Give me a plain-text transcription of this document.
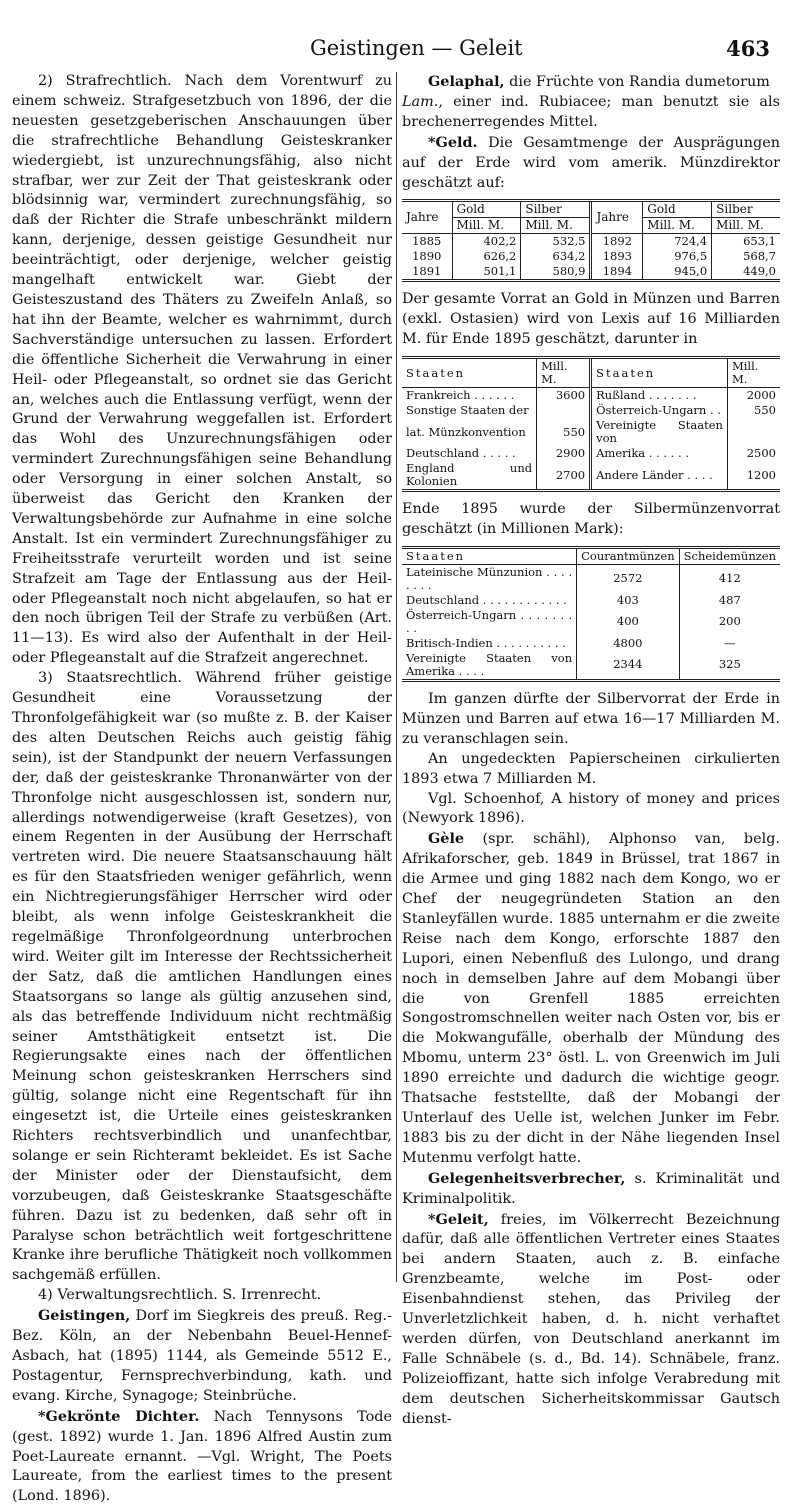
Geistingen — Geleit	463

2) Strafrechtlich. Nach dem Vorentwurf zu einem schweiz. Strafgesetzbuch von 1896, der die neuesten gesetzgeberischen Anschauungen über die strafrechtliche Behandlung Geisteskranker wiedergiebt, ist unzurechnungsfähig, also nicht strafbar, wer zur Zeit der That geisteskrank oder blödsinnig war, vermindert zurechnungsfähig, so daß der Richter die Strafe unbeschränkt mildern kann, derjenige, dessen geistige Gesundheit nur beeinträchtigt, oder derjenige, welcher geistig mangelhaft entwickelt war. Giebt der Geisteszustand des Thäters zu Zweifeln Anlaß, so hat ihn der Beamte, welcher es wahrnimmt, durch Sachverständige untersuchen zu lassen. Erfordert die öffentliche Sicherheit die Verwahrung in einer Heil- oder Pflegeanstalt, so ordnet sie das Gericht an, welches auch die Entlassung verfügt, wenn der Grund der Verwahrung weggefallen ist. Erfordert das Wohl des Unzurechnungsfähigen oder vermindert Zurechnungsfähigen seine Behandlung oder Versorgung in einer solchen Anstalt, so überweist das Gericht den Kranken der Verwaltungsbehörde zur Aufnahme in eine solche Anstalt. Ist ein vermindert Zurechnungsfähiger zu Freiheitsstrafe verurteilt worden und ist seine Strafzeit am Tage der Entlassung aus der Heil- oder Pflegeanstalt noch nicht abgelaufen, so hat er den noch übrigen Teil der Strafe zu verbüßen (Art. 11—13). Es wird also der Aufenthalt in der Heil- oder Pflegeanstalt auf die Strafzeit angerechnet.

3) Staatsrechtlich. Während früher geistige Gesundheit eine Voraussetzung der Thronfolgefähigkeit war (so mußte z. B. der Kaiser des alten Deutschen Reichs auch geistig fähig sein), ist der Standpunkt der neuern Verfassungen der, daß der geisteskranke Thronanwärter von der Thronfolge nicht ausgeschlossen ist, sondern nur, allerdings notwendigerweise (kraft Gesetzes), von einem Regenten in der Ausübung der Herrschaft vertreten wird. Die neuere Staatsanschauung hält es für den Staatsfrieden weniger gefährlich, wenn ein Nichtregierungsfähiger Herrscher wird oder bleibt, als wenn infolge Geisteskrankheit die regelmäßige Thronfolgeordnung unterbrochen wird. Weiter gilt im Interesse der Rechtssicherheit der Satz, daß die amtlichen Handlungen eines Staatsorgans so lange als gültig anzusehen sind, als das betreffende Individuum nicht rechtmäßig seiner Amtsthätigkeit entsetzt ist. Die Regierungsakte eines nach der öffentlichen Meinung schon geisteskranken Herrschers sind gültig, solange nicht eine Regentschaft für ihn eingesetzt ist, die Urteile eines geisteskranken Richters rechtsverbindlich und unanfechtbar, solange er sein Richteramt bekleidet. Es ist Sache der Minister oder der Dienstaufsicht, dem vorzubeugen, daß Geisteskranke Staatsgeschäfte führen. Dazu ist zu bedenken, daß sehr oft in Paralyse schon beträchtlich weit fortgeschrittene Kranke ihre berufliche Thätigkeit noch vollkommen sachgemäß erfüllen.

4) Verwaltungsrechtlich. S. Irrenrecht.

Geistingen, Dorf im Siegkreis des preuß. Reg.-Bez. Köln, an der Nebenbahn Beuel-Hennef-Asbach, hat (1895) 1144, als Gemeinde 5512 E., Postagentur, Fernsprechverbindung, kath. und evang. Kirche, Synagoge; Steinbrüche.

*Gekrönte Dichter. Nach Tennysons Tode (gest. 1892) wurde 1. Jan. 1896 Alfred Austin zum Poet-Laureate ernannt. —Vgl. Wright, The Poets Laureate, from the earliest times to the present (Lond. 1896).

Gelaphal, die Früchte von Randia dumetorum
Lam., einer ind. Rubiacee; man benutzt sie als brechenerregendes Mittel.

*Geld. Die Gesamtmenge der Ausprägungen auf der Erde wird vom amerik. Münzdirektor geschätzt auf:

Jahre	Gold	Silber	Jahre	Gold	Silber
	Mill. M.	Mill. M.		Mill. M.	Mill. M.
1885	402,2	532,5	1892	724,4	653,1
1890	626,2	634,2	1893	976,5	568,7
1891	501,1	580,9	1894	945,0	449,0

Der gesamte Vorrat an Gold in Münzen und Barren (exkl. Ostasien) wird von Lexis auf 16 Milliarden M. für Ende 1895 geschätzt, darunter in

Staaten	Mill. M.	Staaten	Mill. M.
Frankreich . . . . . .	3600	Rußland . . . . . . .	2000
Sonstige Staaten der		Österreich-Ungarn . .	550
lat. Münzkonvention	550	Vereinigte Staaten von	
Deutschland . . . . .	2900	Amerika . . . . . .	2500
England und Kolonien	2700	Andere Länder . . . .	1200

Ende 1895 wurde der Silbermünzenvorrat geschätzt (in Millionen Mark):

Staaten	Courantmünzen	Scheidemünzen
Lateinische Münzunion . . . . . . . .	2572	412
Deutschland . . . . . . . . . . . .	403	487
Österreich-Ungarn . . . . . . . . .	400	200
Britisch-Indien . . . . . . . . . .	4800	—
Vereinigte Staaten von Amerika . . . .	2344	325

Im ganzen dürfte der Silbervorrat der Erde in Münzen und Barren auf etwa 16—17 Milliarden M. zu veranschlagen sein.

An ungedeckten Papierscheinen cirkulierten 1893 etwa 7 Milliarden M.

Vgl. Schoenhof, A history of money and prices (Newyork 1896).

Gèle (spr. schähl), Alphonso van, belg. Afrikaforscher, geb. 1849 in Brüssel, trat 1867 in die Armee und ging 1882 nach dem Kongo, wo er Chef der neugegründeten Station an den Stanleyfällen wurde. 1885 unternahm er die zweite Reise nach dem Kongo, erforschte 1887 den Lupori, einen Nebenfluß des Lulongo, und drang noch in demselben Jahre auf dem Mobangi über die von Grenfell 1885 erreichten Songostromschnellen weiter nach Osten vor, bis er die Mokwangufälle, oberhalb der Mündung des Mbomu, unterm 23° östl. L. von Greenwich im Juli 1890 erreichte und dadurch die wichtige geogr. Thatsache feststellte, daß der Mobangi der Unterlauf des Uelle ist, welchen Junker im Febr. 1883 bis zu der dicht in der Nähe liegenden Insel Mutenmu verfolgt hatte.

Gelegenheitsverbrecher, s. Kriminalität und Kriminalpolitik.

*Geleit, freies, im Völkerrecht Bezeichnung dafür, daß alle öffentlichen Vertreter eines Staates bei andern Staaten, auch z. B. einfache Grenzbeamte, welche im Post- oder Eisenbahndienst stehen, das Privileg der Unverletzlichkeit haben, d. h. nicht verhaftet werden dürfen, von Deutschland anerkannt im Falle Schnäbele (s. d., Bd. 14). Schnäbele, franz. Polizeioffizant, hatte sich infolge Verabredung mit dem deutschen Sicherheitskommissar Gautsch dienst-
